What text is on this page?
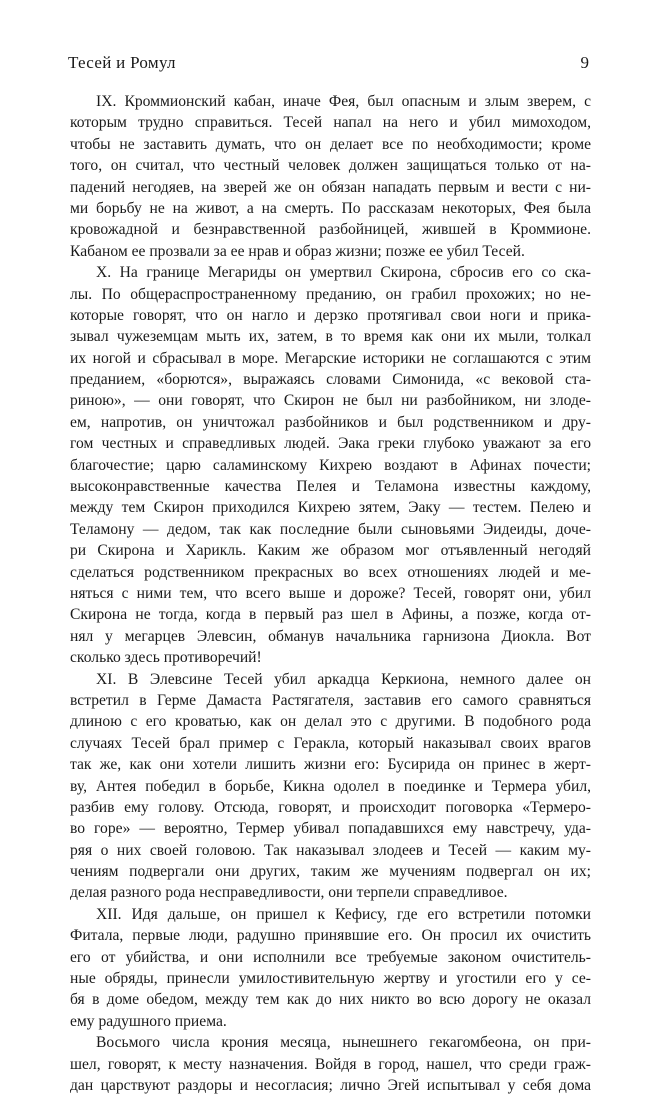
Тесей и Ромул	9
IX. Кроммионский кабан, иначе Фея, был опасным и злым зверем, с
которым трудно справиться. Тесей напал на него и убил мимоходом,
чтобы не заставить думать, что он делает все по необходимости; кроме
того, он считал, что честный человек должен защищаться только от на-
падений негодяев, на зверей же он обязан нападать первым и вести с ни-
ми борьбу не на живот, а на смерть. По рассказам некоторых, Фея была
кровожадной и безнравственной разбойницей, жившей в Кроммионе.
Кабаном ее прозвали за ее нрав и образ жизни; позже ее убил Тесей.
X. На границе Мегариды он умертвил Скирона, сбросив его со ска-
лы. По общераспространенному преданию, он грабил прохожих; но не-
которые говорят, что он нагло и дерзко протягивал свои ноги и прика-
зывал чужеземцам мыть их, затем, в то время как они их мыли, толкал
их ногой и сбрасывал в море. Мегарские историки не соглашаются с этим
преданием, «борются», выражаясь словами Симонида, «с вековой ста-
риною», — они говорят, что Скирон не был ни разбойником, ни злоде-
ем, напротив, он уничтожал разбойников и был родственником и дру-
гом честных и справедливых людей. Эака греки глубоко уважают за его
благочестие; царю саламинскому Кихрею воздают в Афинах почести;
высоконравственные качества Пелея и Теламона известны каждому,
между тем Скирон приходился Кихрею зятем, Эаку — тестем. Пелею и
Теламону — дедом, так как последние были сыновьями Эидеиды, доче-
ри Скирона и Харикль. Каким же образом мог отъявленный негодяй
сделаться родственником прекрасных во всех отношениях людей и ме-
няться с ними тем, что всего выше и дороже? Тесей, говорят они, убил
Скирона не тогда, когда в первый раз шел в Афины, а позже, когда от-
нял у мегарцев Элевсин, обманув начальника гарнизона Диокла. Вот
сколько здесь противоречий!
XI. В Элевсине Тесей убил аркадца Керкиона, немного далее он
встретил в Герме Дамаста Растягателя, заставив его самого сравняться
длиною с его кроватью, как он делал это с другими. В подобного рода
случаях Тесей брал пример с Геракла, который наказывал своих врагов
так же, как они хотели лишить жизни его: Бусирида он принес в жерт-
ву, Антея победил в борьбе, Кикна одолел в поединке и Термера убил,
разбив ему голову. Отсюда, говорят, и происходит поговорка «Термеро-
во горе» — вероятно, Термер убивал попадавшихся ему навстречу, уда-
ряя о них своей головою. Так наказывал злодеев и Тесей — каким му-
чениям подвергали они других, таким же мучениям подвергал он их;
делая разного рода несправедливости, они терпели справедливое.
XII. Идя дальше, он пришел к Кефису, где его встретили потомки
Фитала, первые люди, радушно принявшие его. Он просил их очистить
его от убийства, и они исполнили все требуемые законом очиститель-
ные обряды, принесли умилостивительную жертву и угостили его у се-
бя в доме обедом, между тем как до них никто во всю дорогу не оказал
ему радушного приема.
Восьмого числа крония месяца, нынешнего гекагомбеона, он при-
шел, говорят, к месту назначения. Войдя в город, нашел, что среди граж-
дан царствуют раздоры и несогласия; лично Эгей испытывал у себя дома
